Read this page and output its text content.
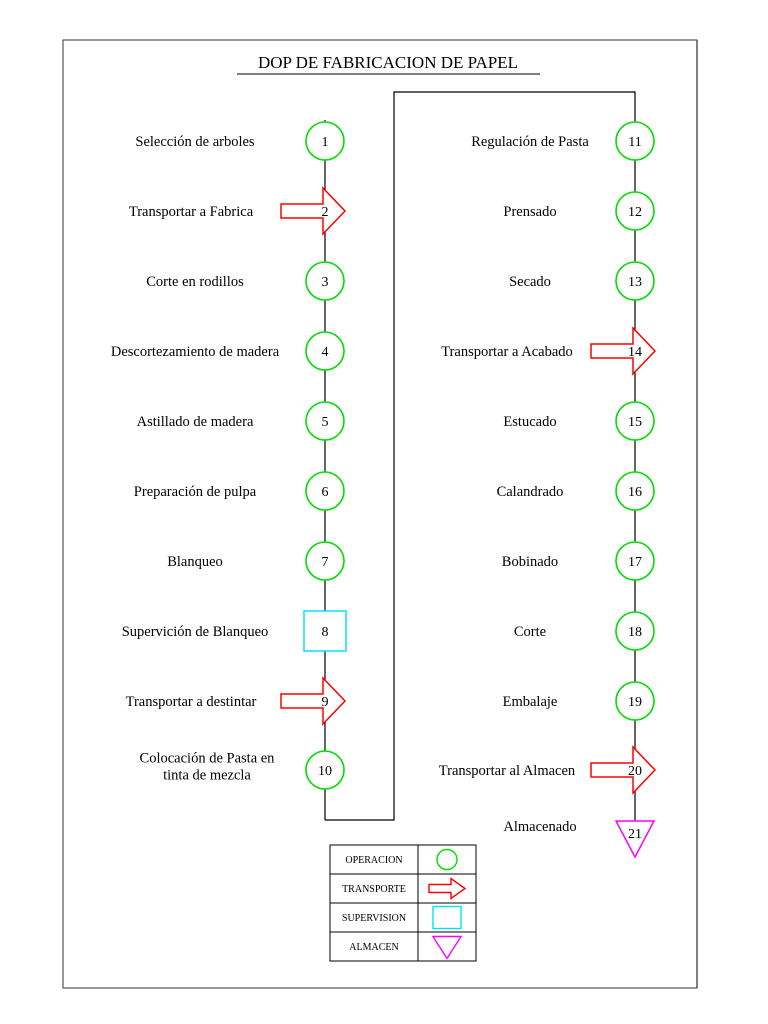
DOP DE FABRICACION DE PAPEL
1
Selección de arboles
2
Transportar a Fabrica
3
Corte en rodillos
4
Descortezamiento de madera
5
Astillado de madera
6
Preparación de pulpa
7
Blanqueo
8
Supervición de Blanqueo
9
Transportar a destintar
10
Colocación de Pasta en
tinta de mezcla
11
Regulación de Pasta
12
Prensado
13
Secado
14
Transportar a Acabado
15
Estucado
16
Calandrado
17
Bobinado
18
Corte
19
Embalaje
20
Transportar al Almacen
21
Almacenado
OPERACION
TRANSPORTE
SUPERVISION
ALMACEN
